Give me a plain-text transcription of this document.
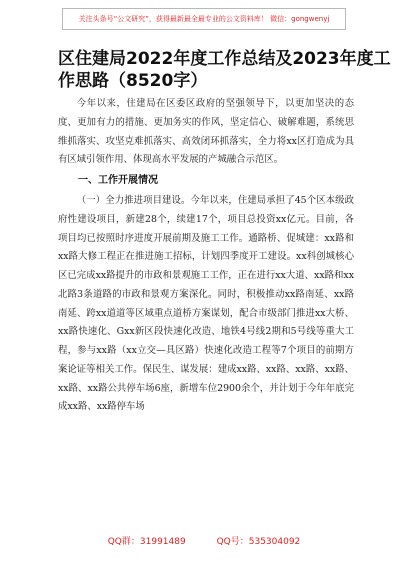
关注头条号“公文研究”，获得最新最全最专业的公文资料库！ 微信：gongwenyj
区住建局2022年度工作总结及2023年度工
作思路（8520字）

今年以来，住建局在区委区政府的坚强领导下，以更加坚决的态度、更加有力的措施、更加务实的作风，坚定信心、破解难题，系统思维抓落实、攻坚克难抓落实、高效闭环抓落实，全力将xx区打造成为具有区域引领作用、体现高水平发展的产城融合示范区。

一、工作开展情况

（一）全力推进项目建设。今年以来，住建局承担了45个区本级政府性建设项目，新建28个，续建17个，项目总投资xx亿元。目前，各项目均已按照时序进度开展前期及施工工作。通路桥、促城建：xx路和xx路大修工程正在推进施工招标，计划四季度开工建设。xx科创城核心区已完成xx路提升的市政和景观施工工作，正在进行xx大道、xx路和xx北路3条道路的市政和景观方案深化。同时，积极推动xx路南延、xx路南延、跨xx道道等区域重点道桥方案谋划，配合市级部门推进xx大桥、xx路快速化、Gxx新区段快速化改造、地铁4号线2期和5号线等重大工程，参与xx路（xx立交—具区路）快速化改造工程等7个项目的前期方案论证等相关工作。保民生、谋发展：建成xx路、xx路、xx路、xx路、xx路、xx路公共停车场6座，新增车位2900余个，并计划于今年年底完成xx路、xx路停车场

QQ群：31991489	QQ号：535304092
